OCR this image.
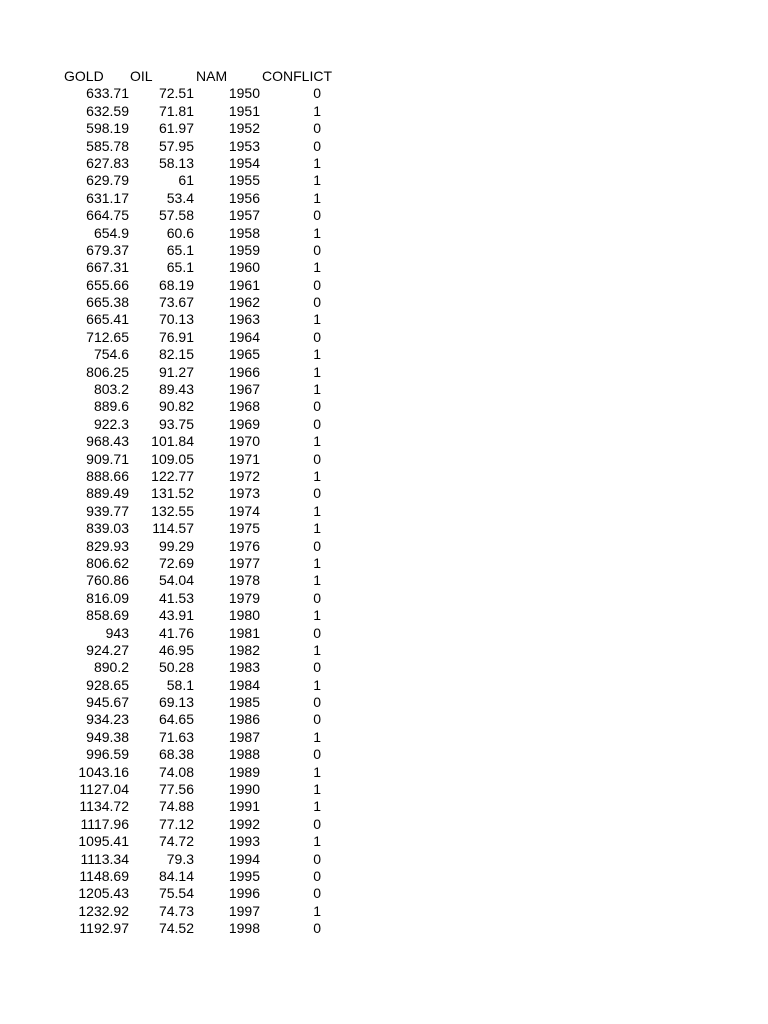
GOLD	OIL	NAM	CONFLICT
633.71	72.51	1950	0
632.59	71.81	1951	1
598.19	61.97	1952	0
585.78	57.95	1953	0
627.83	58.13	1954	1
629.79	61	1955	1
631.17	53.4	1956	1
664.75	57.58	1957	0
654.9	60.6	1958	1
679.37	65.1	1959	0
667.31	65.1	1960	1
655.66	68.19	1961	0
665.38	73.67	1962	0
665.41	70.13	1963	1
712.65	76.91	1964	0
754.6	82.15	1965	1
806.25	91.27	1966	1
803.2	89.43	1967	1
889.6	90.82	1968	0
922.3	93.75	1969	0
968.43	101.84	1970	1
909.71	109.05	1971	0
888.66	122.77	1972	1
889.49	131.52	1973	0
939.77	132.55	1974	1
839.03	114.57	1975	1
829.93	99.29	1976	0
806.62	72.69	1977	1
760.86	54.04	1978	1
816.09	41.53	1979	0
858.69	43.91	1980	1
943	41.76	1981	0
924.27	46.95	1982	1
890.2	50.28	1983	0
928.65	58.1	1984	1
945.67	69.13	1985	0
934.23	64.65	1986	0
949.38	71.63	1987	1
996.59	68.38	1988	0
1043.16	74.08	1989	1
1127.04	77.56	1990	1
1134.72	74.88	1991	1
1117.96	77.12	1992	0
1095.41	74.72	1993	1
1113.34	79.3	1994	0
1148.69	84.14	1995	0
1205.43	75.54	1996	0
1232.92	74.73	1997	1
1192.97	74.52	1998	0
